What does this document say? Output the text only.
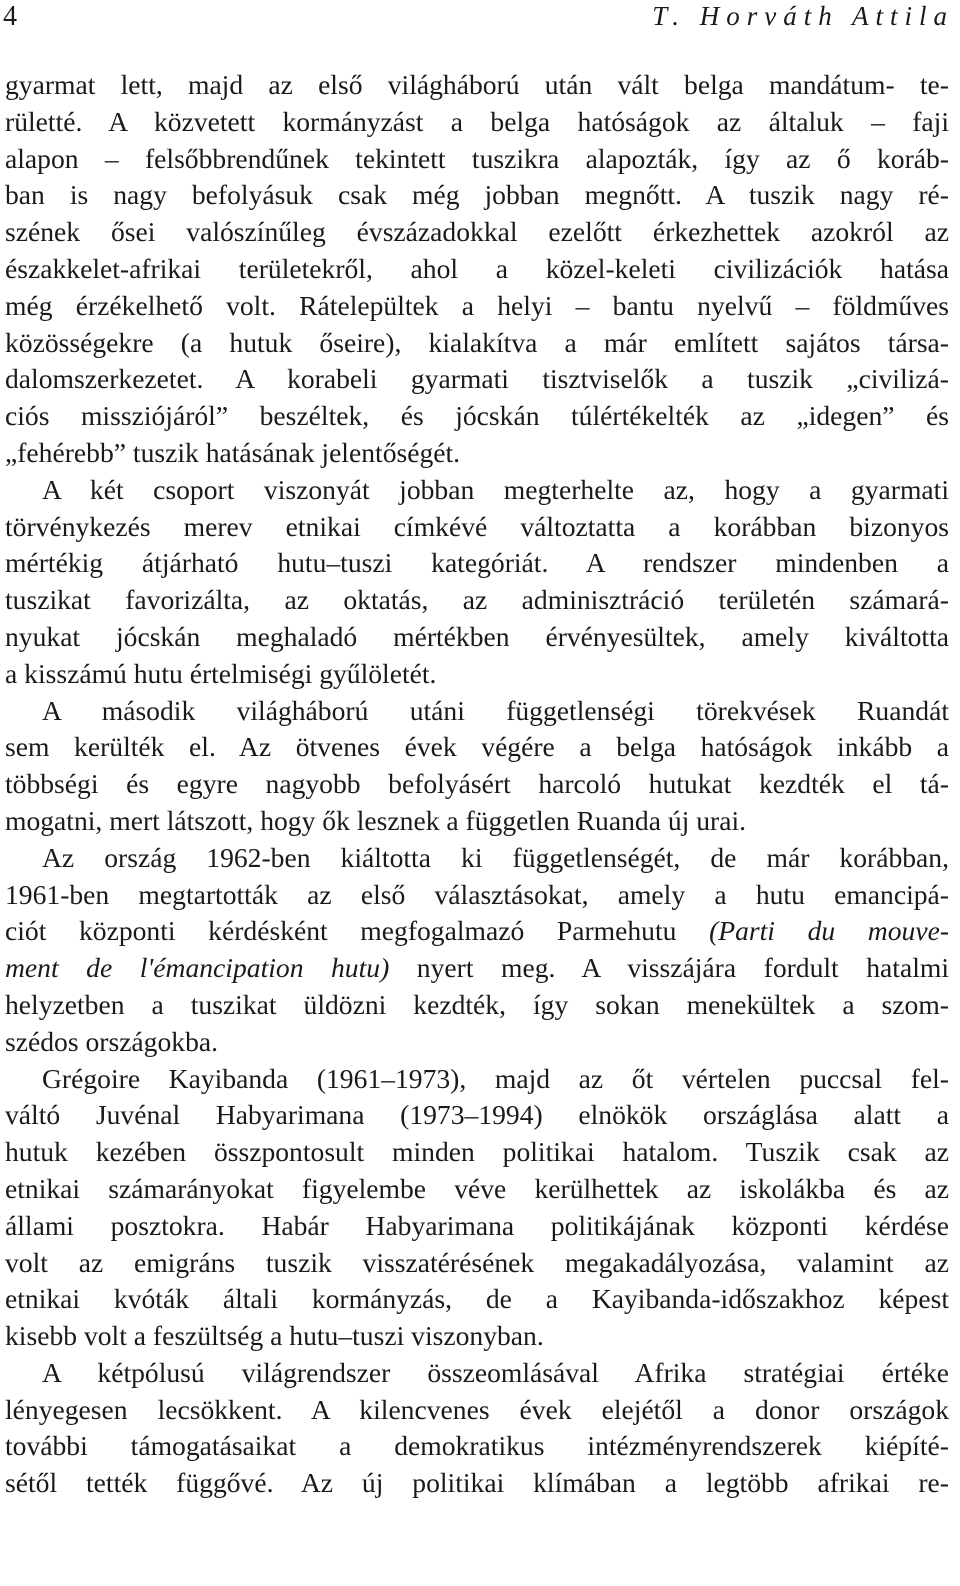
4	T. Horváth Attila
gyarmat lett, majd az első világháború után vált belga mandátum- te-
rületté. A közvetett kormányzást a belga hatóságok az általuk – faji
alapon – felsőbbrendűnek tekintett tuszikra alapozták, így az ő koráb-
ban is nagy befolyásuk csak még jobban megnőtt. A tuszik nagy ré-
szének ősei valószínűleg évszázadokkal ezelőtt érkezhettek azokról az
északkelet-afrikai területekről, ahol a közel-keleti civilizációk hatása
még érzékelhető volt. Rátelepültek a helyi – bantu nyelvű – földműves
közösségekre (a hutuk őseire), kialakítva a már említett sajátos társa-
dalomszerkezetet. A korabeli gyarmati tisztviselők a tuszik „civilizá-
ciós missziójáról” beszéltek, és jócskán túlértékelték az „idegen” és
„fehérebb” tuszik hatásának jelentőségét.
A két csoport viszonyát jobban megterhelte az, hogy a gyarmati
törvénykezés merev etnikai címkévé változtatta a korábban bizonyos
mértékig átjárható hutu–tuszi kategóriát. A rendszer mindenben a
tuszikat favorizálta, az oktatás, az adminisztráció területén számará-
nyukat jócskán meghaladó mértékben érvényesültek, amely kiváltotta
a kisszámú hutu értelmiségi gyűlöletét.
A második világháború utáni függetlenségi törekvések Ruandát
sem kerülték el. Az ötvenes évek végére a belga hatóságok inkább a
többségi és egyre nagyobb befolyásért harcoló hutukat kezdték el tá-
mogatni, mert látszott, hogy ők lesznek a független Ruanda új urai.
Az ország 1962-ben kiáltotta ki függetlenségét, de már korábban,
1961-ben megtartották az első választásokat, amely a hutu emancipá-
ciót központi kérdésként megfogalmazó Parmehutu (Parti du mouve-
ment de l'émancipation hutu) nyert meg. A visszájára fordult hatalmi
helyzetben a tuszikat üldözni kezdték, így sokan menekültek a szom-
szédos országokba.
Grégoire Kayibanda (1961–1973), majd az őt vértelen puccsal fel-
váltó Juvénal Habyarimana (1973–1994) elnökök országlása alatt a
hutuk kezében összpontosult minden politikai hatalom. Tuszik csak az
etnikai számarányokat figyelembe véve kerülhettek az iskolákba és az
állami posztokra. Habár Habyarimana politikájának központi kérdése
volt az emigráns tuszik visszatérésének megakadályozása, valamint az
etnikai kvóták általi kormányzás, de a Kayibanda-időszakhoz képest
kisebb volt a feszültség a hutu–tuszi viszonyban.
A kétpólusú világrendszer összeomlásával Afrika stratégiai értéke
lényegesen lecsökkent. A kilencvenes évek elejétől a donor országok
további támogatásaikat a demokratikus intézményrendszerek kiépíté-
sétől tették függővé. Az új politikai klímában a legtöbb afrikai re-
